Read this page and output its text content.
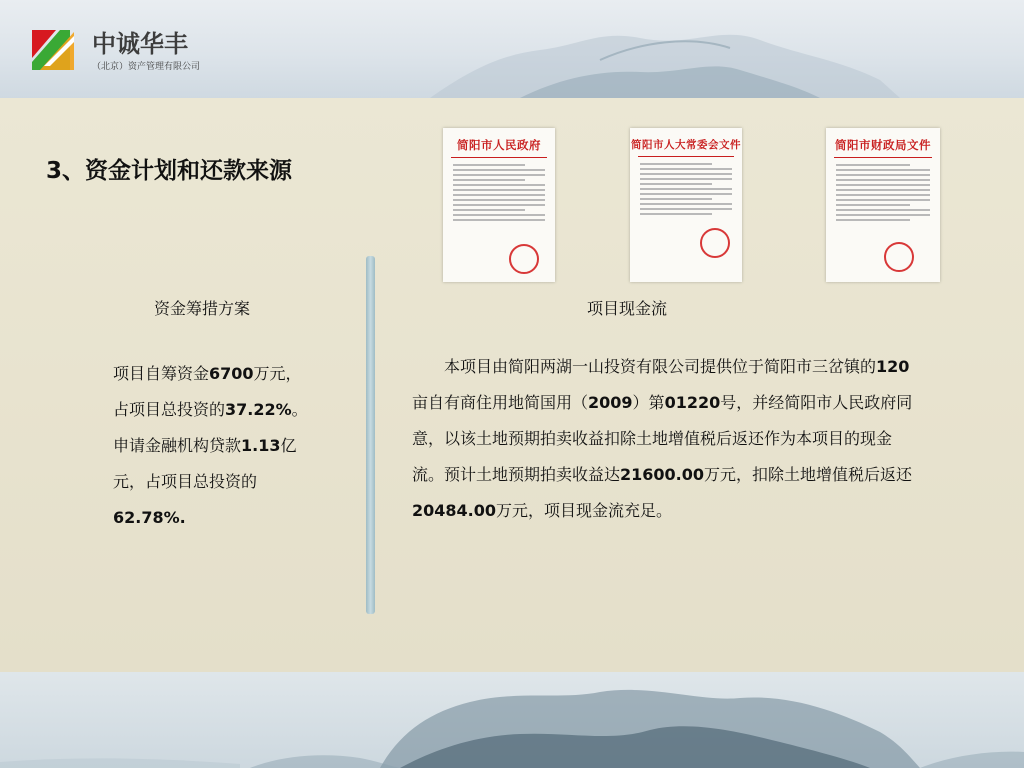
中诚华丰
（北京）资产管理有限公司
3、资金计划和还款来源
简阳市人民政府	简阳市人大常委会文件	简阳市财政局文件
资金筹措方案	项目现金流
项目自筹资金6700万元，占项目总投资的37.22%。申请金融机构贷款1.13亿元，占项目总投资的62.78%.
本项目由简阳两湖一山投资有限公司提供位于简阳市三岔镇的120亩自有商住用地简国用（2009）第01220号，并经简阳市人民政府同意，以该土地预期拍卖收益扣除土地增值税后返还作为本项目的现金流。预计土地预期拍卖收益达21600.00万元，扣除土地增值税后返还20484.00万元，项目现金流充足。
